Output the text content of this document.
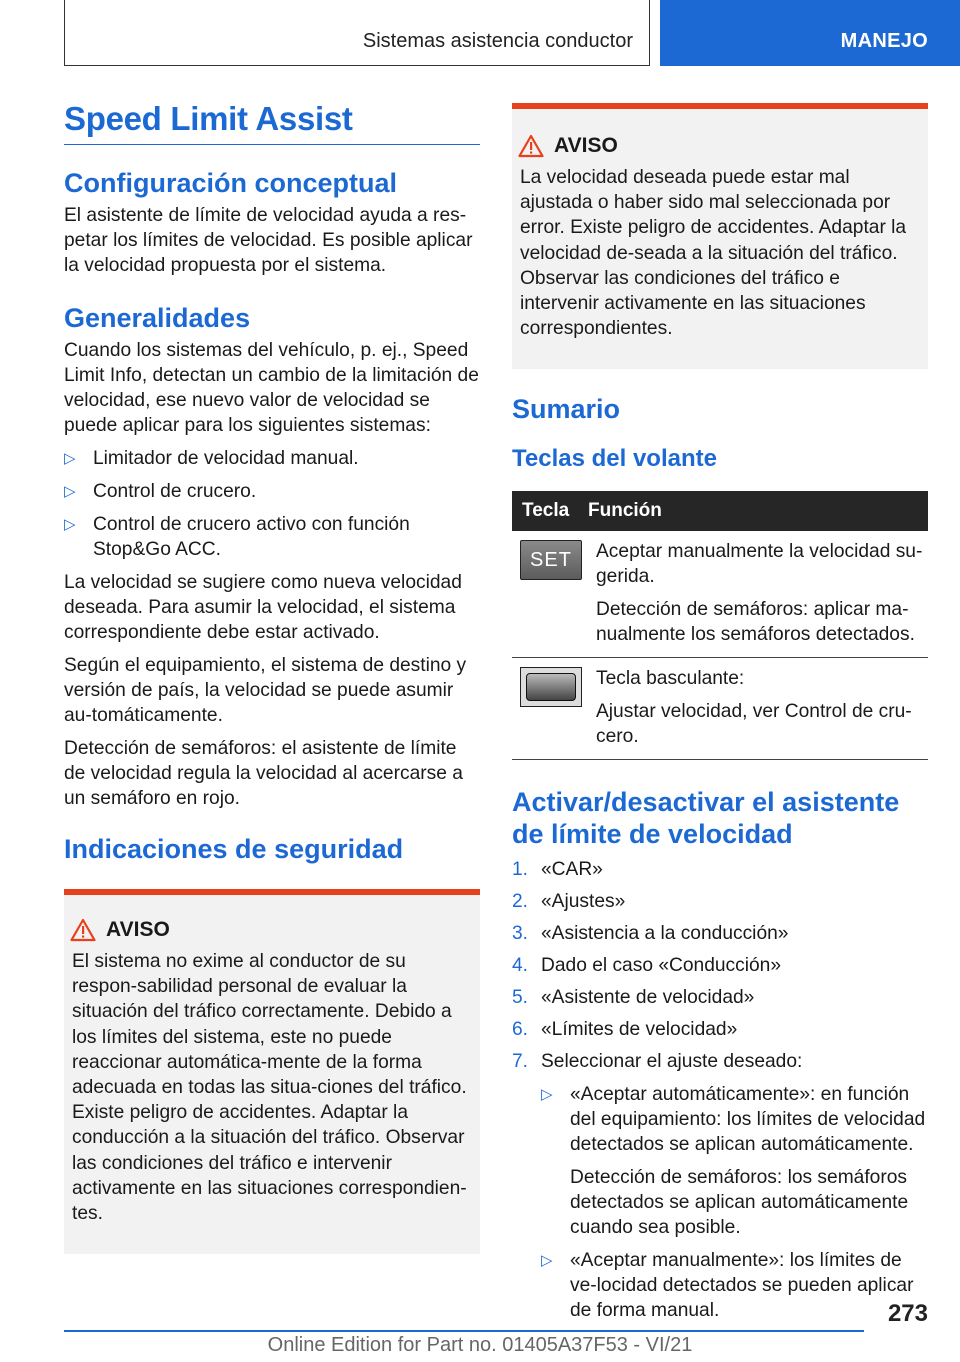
Sistemas asistencia conductor	MANEJO
Speed Limit Assist
Configuración conceptual
El asistente de límite de velocidad ayuda a res-petar los límites de velocidad. Es posible aplicar la velocidad propuesta por el sistema.
Generalidades
Cuando los sistemas del vehículo, p. ej., Speed Limit Info, detectan un cambio de la limitación de velocidad, ese nuevo valor de velocidad se puede aplicar para los siguientes sistemas:
▷ Limitador de velocidad manual.
▷ Control de crucero.
▷ Control de crucero activo con función Stop&Go ACC.
La velocidad se sugiere como nueva velocidad deseada. Para asumir la velocidad, el sistema correspondiente debe estar activado.
Según el equipamiento, el sistema de destino y versión de país, la velocidad se puede asumir au-tomáticamente.
Detección de semáforos: el asistente de límite de velocidad regula la velocidad al acercarse a un semáforo en rojo.
Indicaciones de seguridad
AVISO
El sistema no exime al conductor de su respon-sabilidad personal de evaluar la situación del tráfico correctamente. Debido a los límites del sistema, este no puede reaccionar automática-mente de la forma adecuada en todas las situa-ciones del tráfico. Existe peligro de accidentes. Adaptar la conducción a la situación del tráfico. Observar las condiciones del tráfico e intervenir activamente en las situaciones correspondien-tes.
AVISO
La velocidad deseada puede estar mal ajustada o haber sido mal seleccionada por error. Existe peligro de accidentes. Adaptar la velocidad de-seada a la situación del tráfico. Observar las condiciones del tráfico e intervenir activamente en las situaciones correspondientes.
Sumario
Teclas del volante
Tecla Función
SET	Aceptar manualmente la velocidad su-gerida.
Detección de semáforos: aplicar ma-nualmente los semáforos detectados.
Tecla basculante:
Ajustar velocidad, ver Control de cru-cero.
Activar/desactivar el asistente de límite de velocidad
1. «CAR»
2. «Ajustes»
3. «Asistencia a la conducción»
4. Dado el caso «Conducción»
5. «Asistente de velocidad»
6. «Límites de velocidad»
7. Seleccionar el ajuste deseado:
▷ «Aceptar automáticamente»: en función del equipamiento: los límites de velocidad detectados se aplican automáticamente.
Detección de semáforos: los semáforos detectados se aplican automáticamente cuando sea posible.
▷ «Aceptar manualmente»: los límites de ve-locidad detectados se pueden aplicar de forma manual.	273
Online Edition for Part no. 01405A37F53 - VI/21
